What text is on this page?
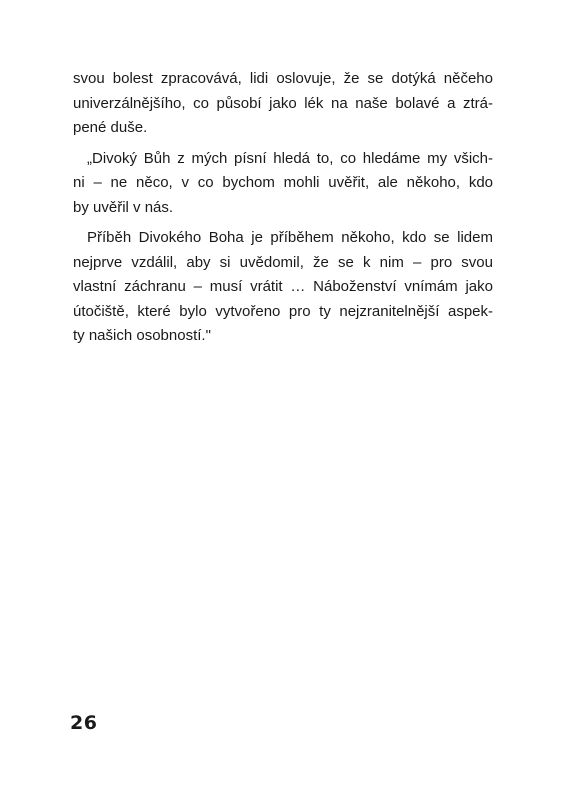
svou bolest zpracovává, lidi oslovuje, že se dotýká něčeho
univerzálnějšího, co působí jako lék na naše bolavé a ztrá-
pené duše.
„Divoký Bůh z mých písní hledá to, co hledáme my všich-
ni – ne něco, v co bychom mohli uvěřit, ale někoho, kdo
by uvěřil v nás.
Příběh Divokého Boha je příběhem někoho, kdo se lidem
nejprve vzdálil, aby si uvědomil, že se k nim – pro svou
vlastní záchranu – musí vrátit … Náboženství vnímám jako
útočiště, které bylo vytvořeno pro ty nejzranitelnější aspek-
ty našich osobností."
26
